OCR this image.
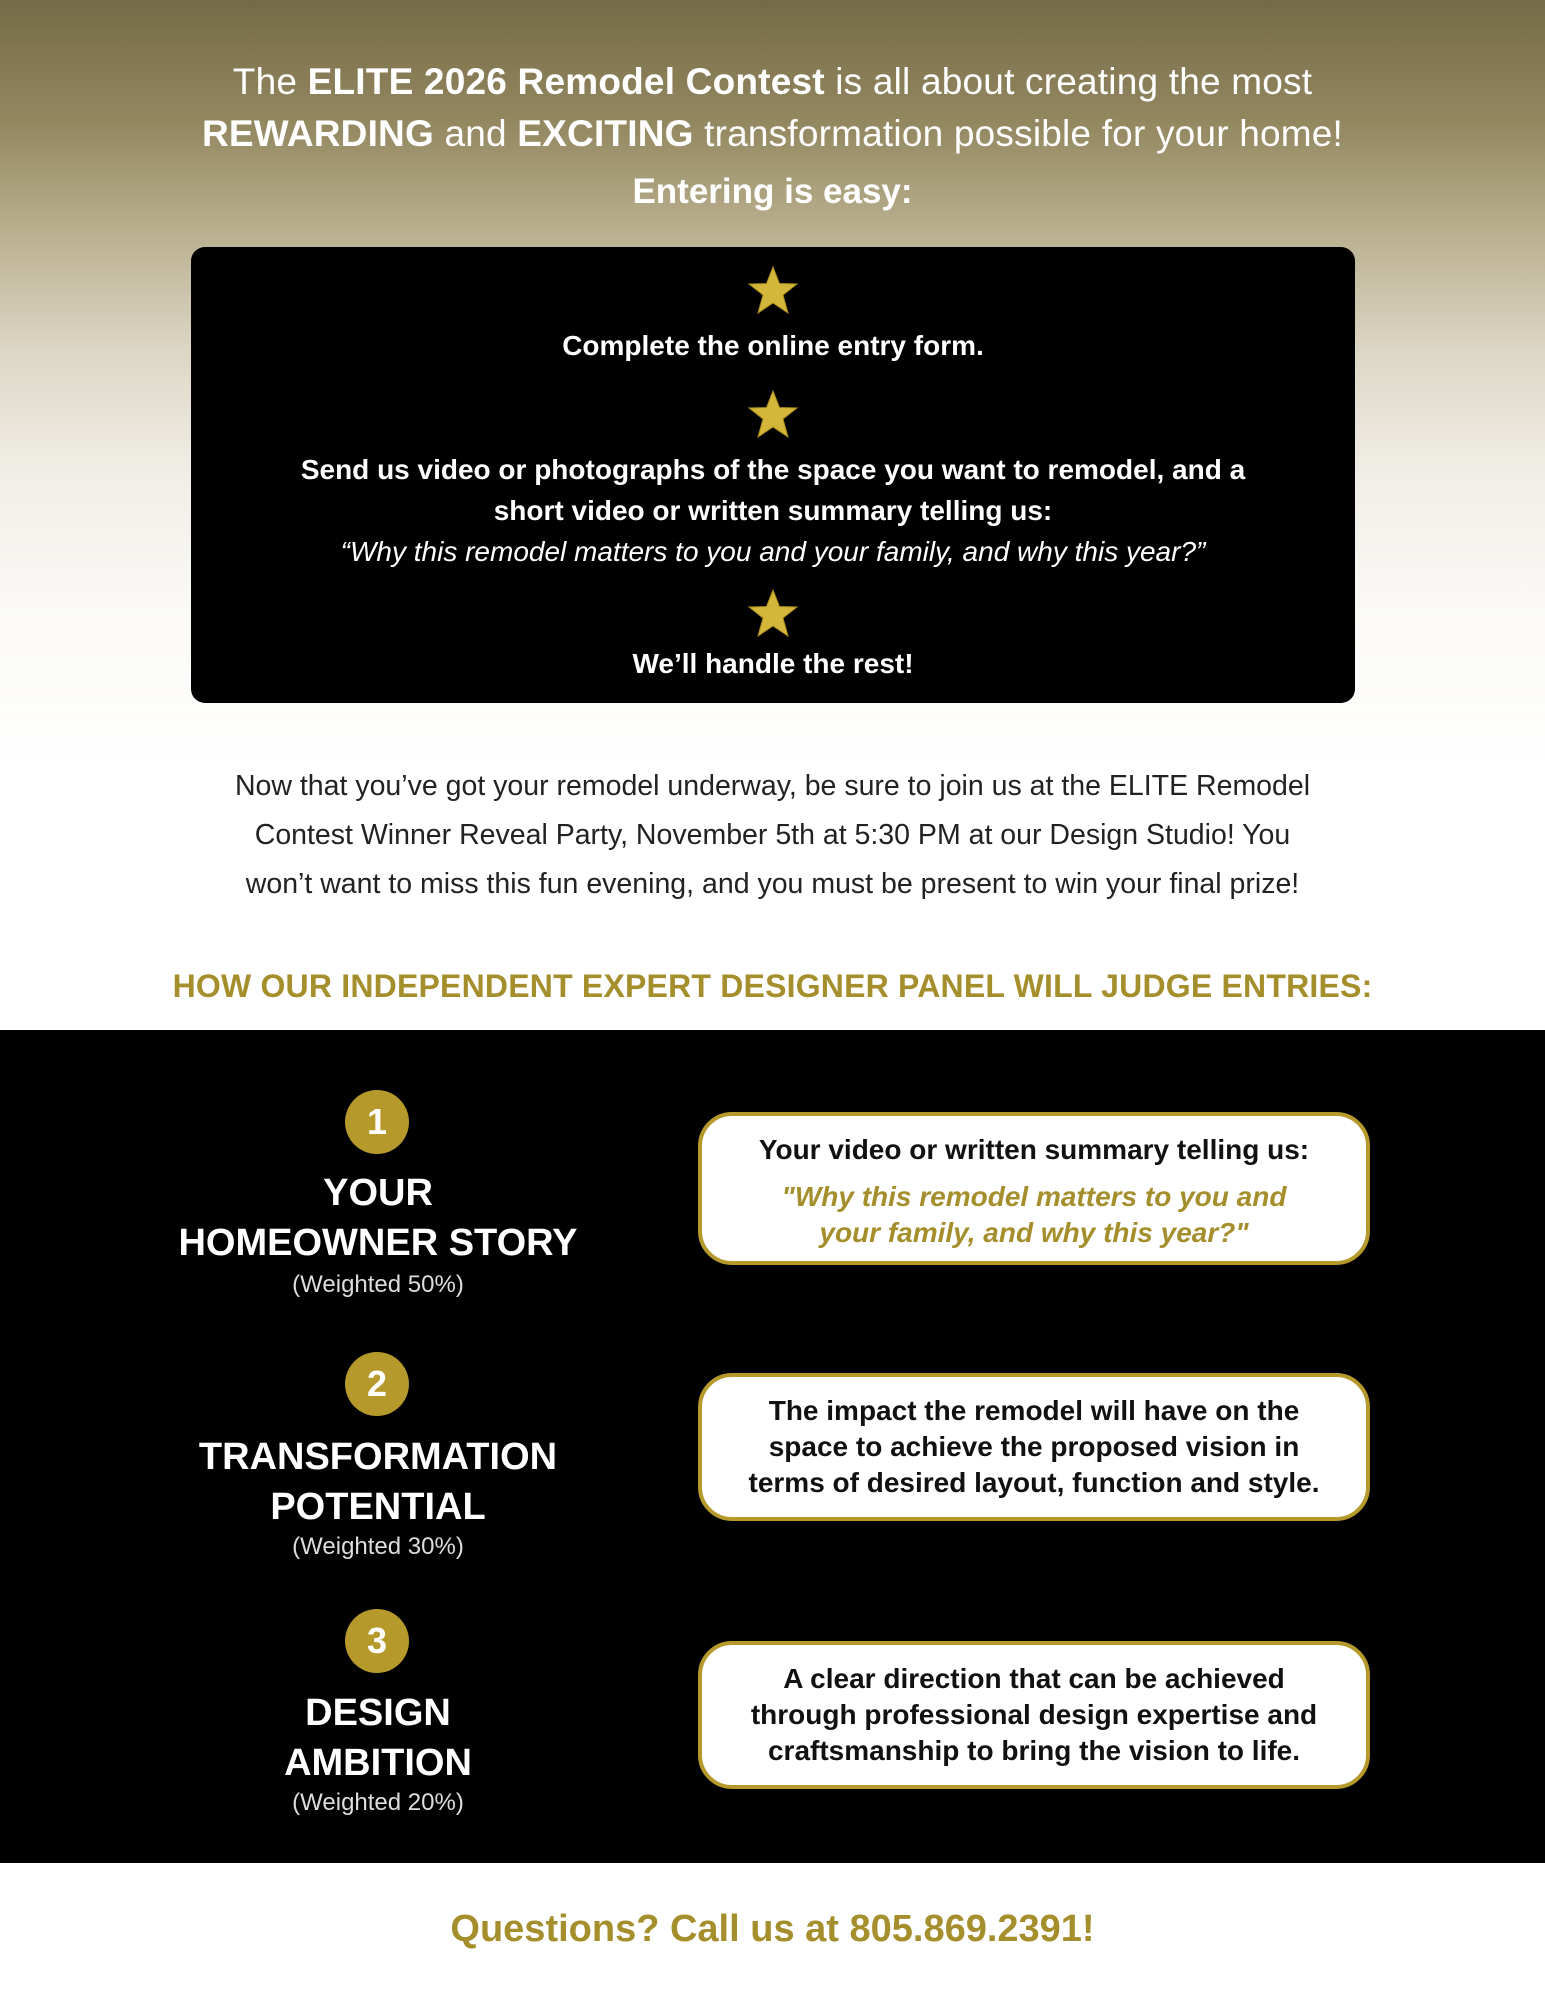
The ELITE 2026 Remodel Contest is all about creating the most
REWARDING and EXCITING transformation possible for your home!
Entering is easy:
Complete the online entry form.
Send us video or photographs of the space you want to remodel, and a
short video or written summary telling us:
“Why this remodel matters to you and your family, and why this year?”
We’ll handle the rest!
Now that you’ve got your remodel underway, be sure to join us at the ELITE Remodel
Contest Winner Reveal Party, November 5th at 5:30 PM at our Design Studio! You
won’t want to miss this fun evening, and you must be present to win your final prize!
HOW OUR INDEPENDENT EXPERT DESIGNER PANEL WILL JUDGE ENTRIES:
1
YOUR
HOMEOWNER STORY
(Weighted 50%)
Your video or written summary telling us:
"Why this remodel matters to you and
your family, and why this year?"
2
TRANSFORMATION
POTENTIAL
(Weighted 30%)
The impact the remodel will have on the
space to achieve the proposed vision in
terms of desired layout, function and style.
3
DESIGN
AMBITION
(Weighted 20%)
A clear direction that can be achieved
through professional design expertise and
craftsmanship to bring the vision to life.
Questions? Call us at 805.869.2391!
